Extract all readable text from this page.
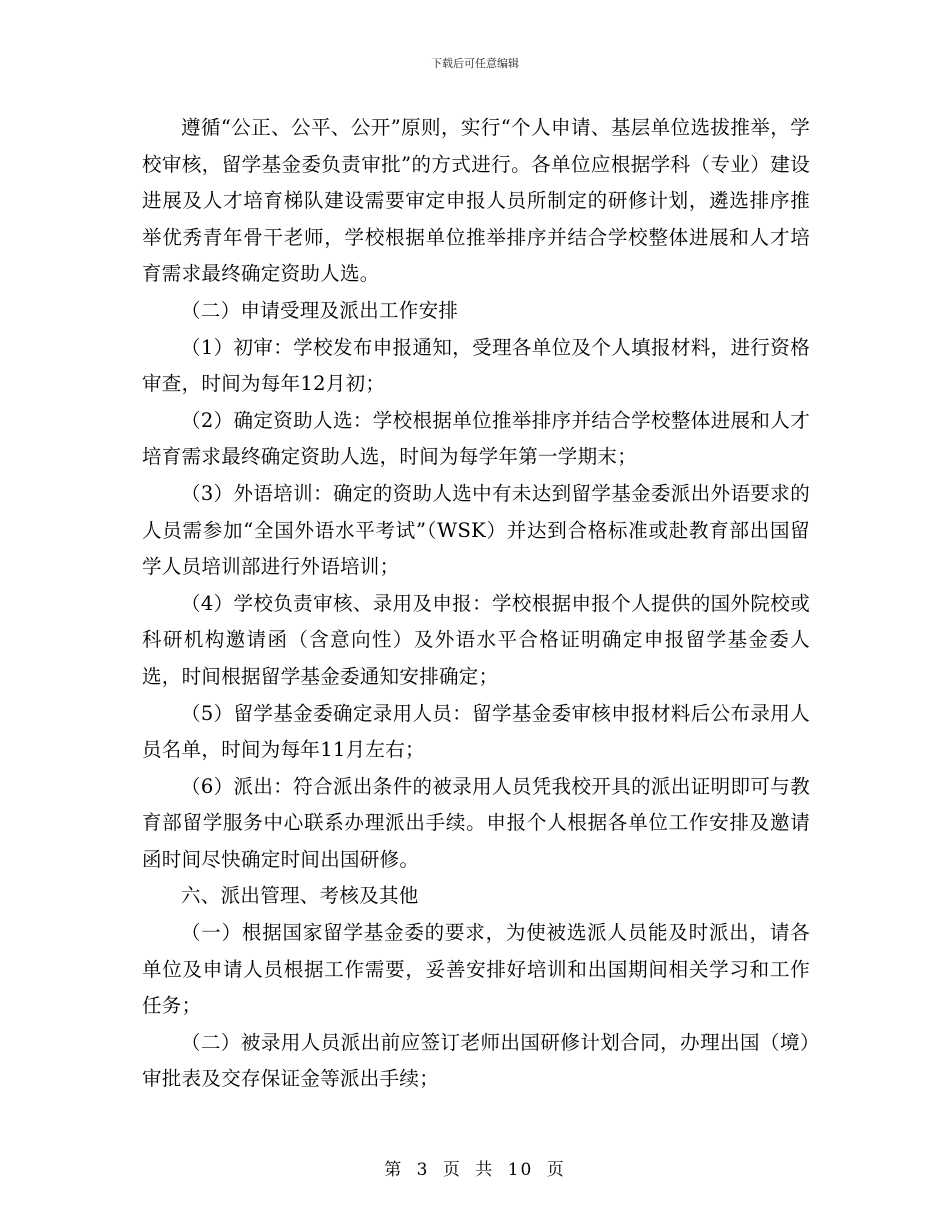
下载后可任意编辑

遵循“公正、公平、公开”原则，实行“个人申请、基层单位选拔推举，学校审核，留学基金委负责审批”的方式进行。各单位应根据学科（专业）建设进展及人才培育梯队建设需要审定申报人员所制定的研修计划，遴选排序推举优秀青年骨干老师，学校根据单位推举排序并结合学校整体进展和人才培育需求最终确定资助人选。

（二）申请受理及派出工作安排

（1）初审：学校发布申报通知，受理各单位及个人填报材料，进行资格审查，时间为每年12月初；

（2）确定资助人选：学校根据单位推举排序并结合学校整体进展和人才培育需求最终确定资助人选，时间为每学年第一学期末；

（3）外语培训：确定的资助人选中有未达到留学基金委派出外语要求的人员需参加“全国外语水平考试”（WSK）并达到合格标准或赴教育部出国留学人员培训部进行外语培训；

（4）学校负责审核、录用及申报：学校根据申报个人提供的国外院校或科研机构邀请函（含意向性）及外语水平合格证明确定申报留学基金委人选，时间根据留学基金委通知安排确定；

（5）留学基金委确定录用人员：留学基金委审核申报材料后公布录用人员名单，时间为每年11月左右；

（6）派出：符合派出条件的被录用人员凭我校开具的派出证明即可与教育部留学服务中心联系办理派出手续。申报个人根据各单位工作安排及邀请函时间尽快确定时间出国研修。

六、派出管理、考核及其他

（一）根据国家留学基金委的要求，为使被选派人员能及时派出，请各单位及申请人员根据工作需要，妥善安排好培训和出国期间相关学习和工作任务；

（二）被录用人员派出前应签订老师出国研修计划合同，办理出国（境）审批表及交存保证金等派出手续；

第 3 页 共 10 页
